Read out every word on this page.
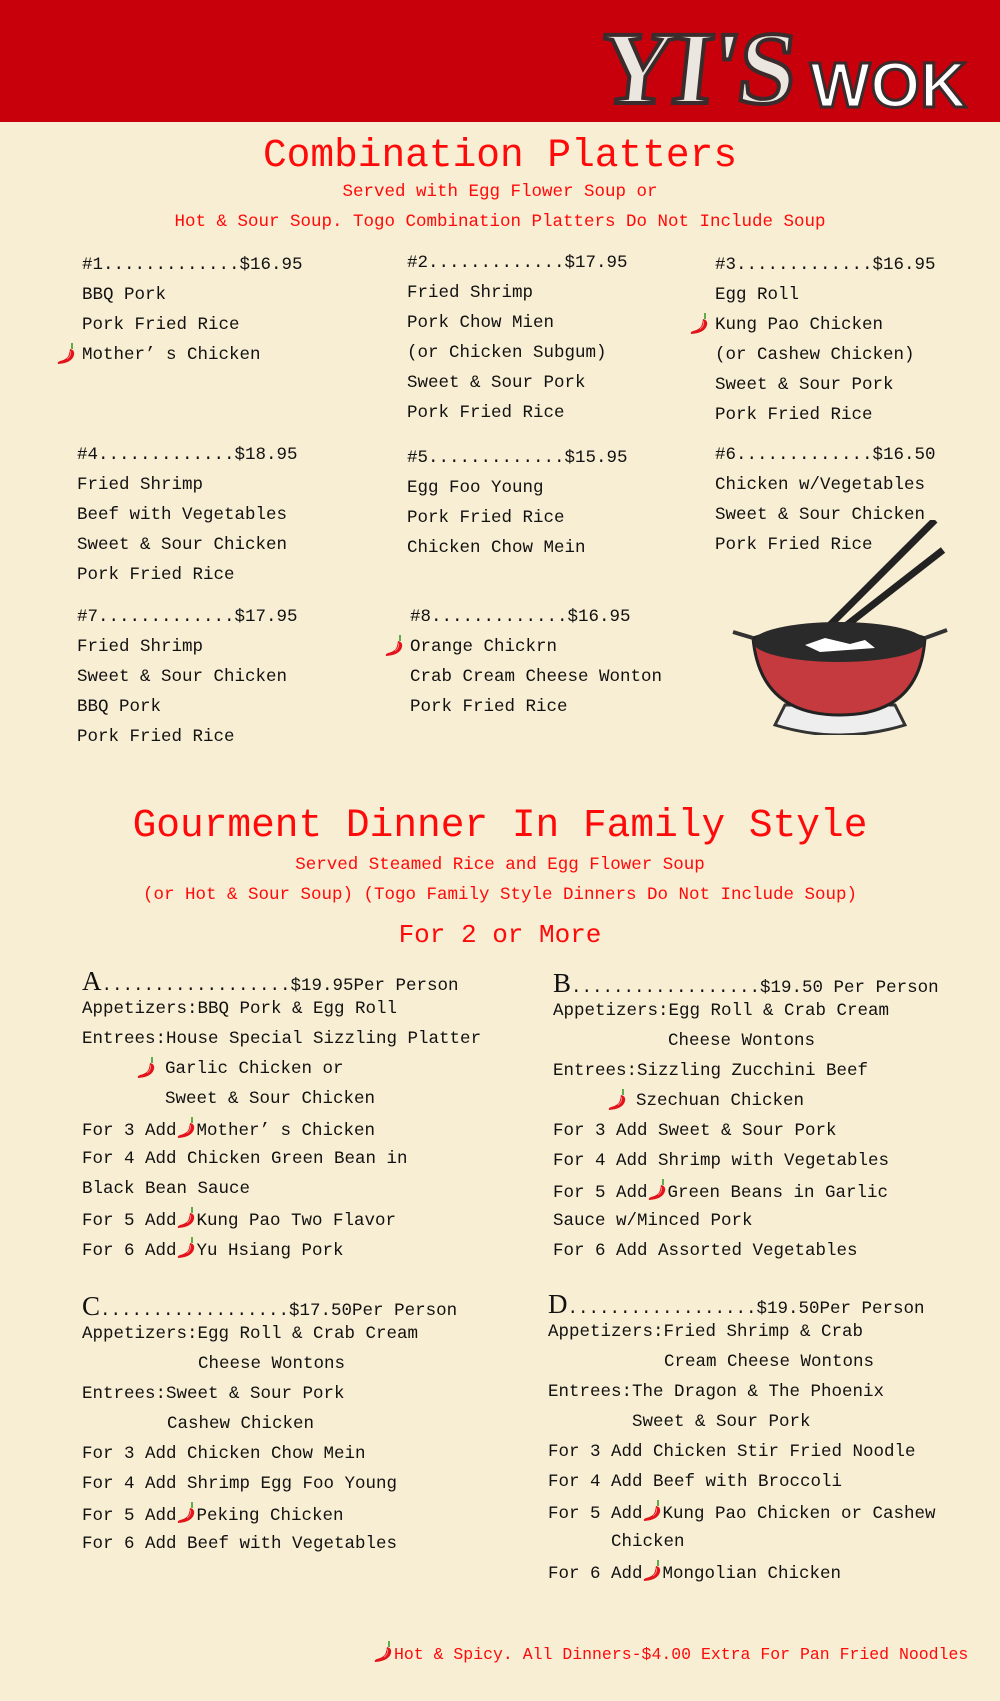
YI'S WOK
Combination Platters
Served with Egg Flower Soup or
Hot & Sour Soup. Togo Combination Platters Do Not Include Soup
#1.............$16.95
BBQ Pork
Pork Fried Rice
Mother’ s Chicken
#2.............$17.95
Fried Shrimp
Pork Chow Mien
(or Chicken Subgum)
Sweet & Sour Pork
Pork Fried Rice
#3.............$16.95
Egg Roll
Kung Pao Chicken
(or Cashew Chicken)
Sweet & Sour Pork
Pork Fried Rice
#4.............$18.95
Fried Shrimp
Beef with Vegetables
Sweet & Sour Chicken
Pork Fried Rice
#5.............$15.95
Egg Foo Young
Pork Fried Rice
Chicken Chow Mein
#6.............$16.50
Chicken w/Vegetables
Sweet & Sour Chicken
Pork Fried Rice
#7.............$17.95
Fried Shrimp
Sweet & Sour Chicken
BBQ Pork
Pork Fried Rice
#8.............$16.95
Orange Chickrn
Crab Cream Cheese Wonton
Pork Fried Rice
Gourment Dinner In Family Style
Served Steamed Rice and Egg Flower Soup
(or Hot & Sour Soup) (Togo Family Style Dinners Do Not Include Soup)
For 2 or More
A..................$19.95Per Person
Appetizers:BBQ Pork & Egg Roll
Entrees:House Special Sizzling Platter
Garlic Chicken or
Sweet & Sour Chicken
For 3 Add Mother’ s Chicken
For 4 Add Chicken Green Bean in
Black Bean Sauce
For 5 Add Kung Pao Two Flavor
For 6 Add Yu Hsiang Pork
B..................$19.50 Per Person
Appetizers:Egg Roll & Crab Cream
Cheese Wontons
Entrees:Sizzling Zucchini Beef
Szechuan Chicken
For 3 Add Sweet & Sour Pork
For 4 Add Shrimp with Vegetables
For 5 Add Green Beans in Garlic
Sauce w/Minced Pork
For 6 Add Assorted Vegetables
C..................$17.50Per Person
Appetizers:Egg Roll & Crab Cream
Cheese Wontons
Entrees:Sweet & Sour Pork
Cashew Chicken
For 3 Add Chicken Chow Mein
For 4 Add Shrimp Egg Foo Young
For 5 Add Peking Chicken
For 6 Add Beef with Vegetables
D..................$19.50Per Person
Appetizers:Fried Shrimp & Crab
Cream Cheese Wontons
Entrees:The Dragon & The Phoenix
Sweet & Sour Pork
For 3 Add Chicken Stir Fried Noodle
For 4 Add Beef with Broccoli
For 5 Add Kung Pao Chicken or Cashew
Chicken
For 6 Add Mongolian Chicken
Hot & Spicy. All Dinners-$4.00 Extra For Pan Fried Noodles
